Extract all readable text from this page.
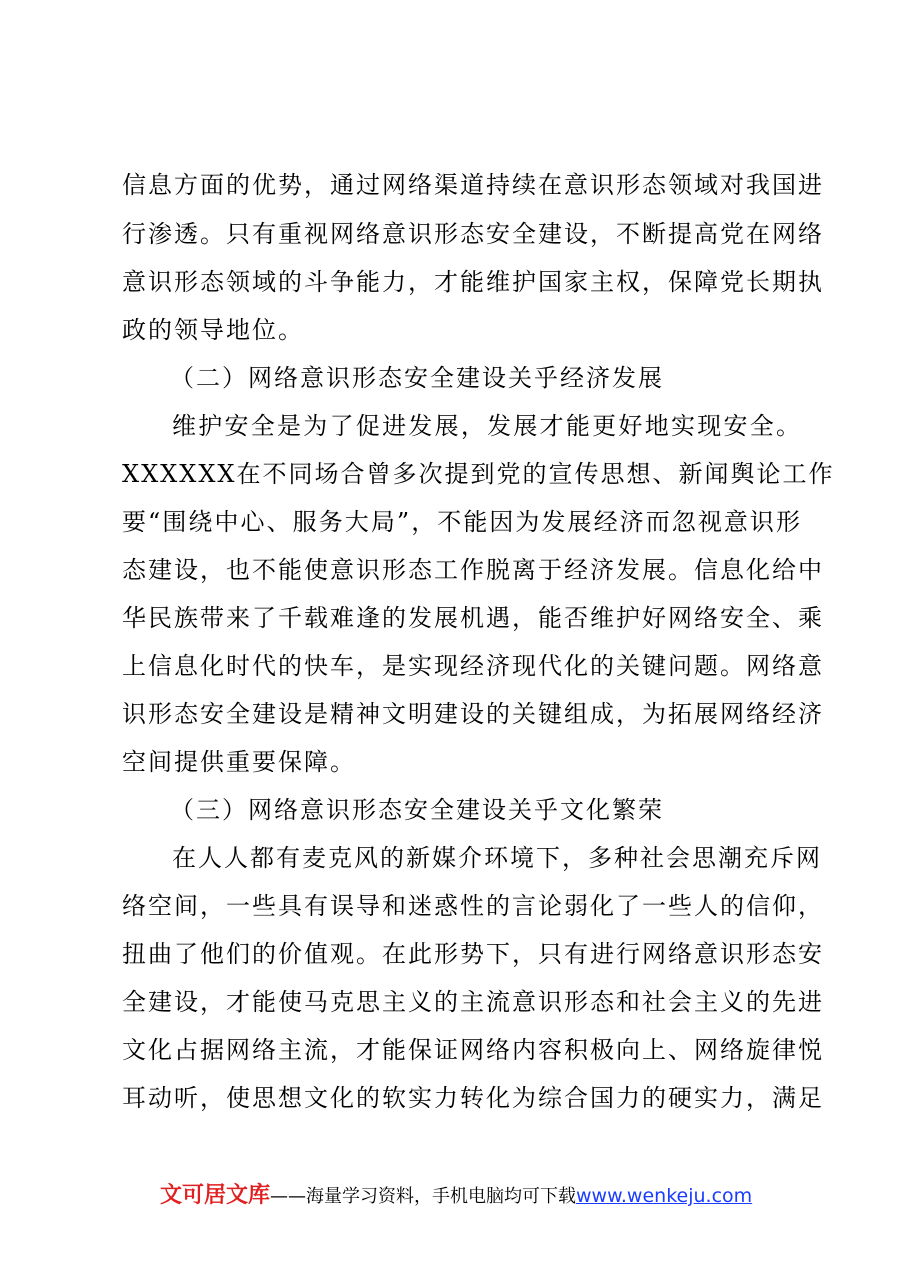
信息方面的优势，通过网络渠道持续在意识形态领域对我国进
行渗透。只有重视网络意识形态安全建设，不断提高党在网络
意识形态领域的斗争能力，才能维护国家主权，保障党长期执
政的领导地位。
（二）网络意识形态安全建设关乎经济发展
维护安全是为了促进发展，发展才能更好地实现安全。
XXXXXX在不同场合曾多次提到党的宣传思想、新闻舆论工作
要“围绕中心、服务大局”，不能因为发展经济而忽视意识形
态建设，也不能使意识形态工作脱离于经济发展。信息化给中
华民族带来了千载难逢的发展机遇，能否维护好网络安全、乘
上信息化时代的快车，是实现经济现代化的关键问题。网络意
识形态安全建设是精神文明建设的关键组成，为拓展网络经济
空间提供重要保障。
（三）网络意识形态安全建设关乎文化繁荣
在人人都有麦克风的新媒介环境下，多种社会思潮充斥网
络空间，一些具有误导和迷惑性的言论弱化了一些人的信仰，
扭曲了他们的价值观。在此形势下，只有进行网络意识形态安
全建设，才能使马克思主义的主流意识形态和社会主义的先进
文化占据网络主流，才能保证网络内容积极向上、网络旋律悦
耳动听，使思想文化的软实力转化为综合国力的硬实力，满足
文可居文库——海量学习资料，手机电脑均可下载www.wenkeju.com
